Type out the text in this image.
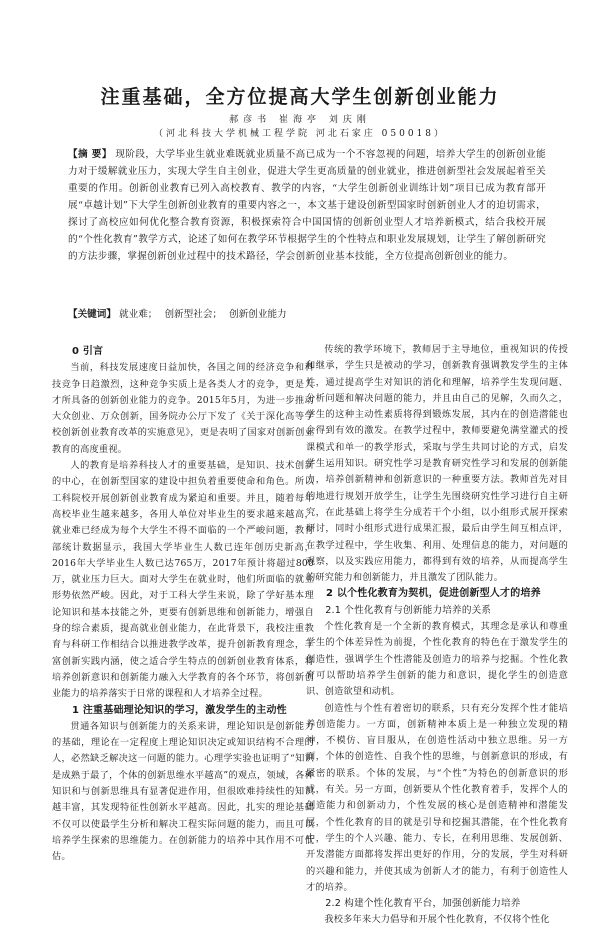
注重基础，全方位提高大学生创新创业能力
郝彦书 崔海亭 刘庆刚
（河北科技大学机械工程学院 河北石家庄 050018）
【摘 要】 现阶段，大学毕业生就业难既就业质量不高已成为一个不容忽视的问题，培养大学生的创新创业能力对于缓解就业压力，实现大学生自主创业，促进大学生更高质量的创业就业，推进创新型社会发展起着至关重要的作用。创新创业教育已列入高校教育、教学的内容，“大学生创新创业训练计划”项目已成为教育部开展“卓越计划”下大学生创新创业教育的重要内容之一，本文基于建设创新型国家时创新创业人才的迫切需求，探讨了高校应如何优化整合教育资源，积极探索符合中国国情的创新创业型人才培养新模式，结合我校开展的“个性化教育”教学方式，论述了如何在教学环节根据学生的个性特点和职业发展规划，让学生了解创新研究的方法步骤，掌握创新创业过程中的技术路径，学会创新创业基本技能，全方位提高创新创业的能力。
【关键词】 就业难； 创新型社会； 创新创业能力

0 引言

当前，科技发展速度日益加快，各国之间的经济竞争和科技竞争日趋激烈，这种竞争实质上是各类人才的竞争，更是人才所具备的创新创业能力的竞争。2015年5月，为进一步推动大众创业、万众创新，国务院办公厅下发了《关于深化高等学校创新创业教育改革的实施意见》，更是表明了国家对创新创业教育的高度重视。

人的教育是培养科技人才的重要基础，是知识、技术创新的中心，在创新型国家的建设中担负着重要使命和角色。所以工科院校开展创新创业教育成为紧迫和重要。并且，随着每年高校毕业生越来越多，各用人单位对毕业生的要求越来越高，就业难已经成为每个大学生不得不面临的一个严峻问题，教育部统计数据显示，我国大学毕业生人数已连年创历史新高，2016年大学毕业生人数已达765万，2017年预计将超过800万，就业压力巨大。面对大学生在就业时，他们所面临的就业形势依然严峻。因此，对于工科大学生来说，除了学好基本理论知识和基本技能之外，更要有创新思维和创新能力，增强自身的综合素质，提高就业创业能力，在此背景下，我校注重教育与科研工作相结合以推进教学改革，提升创新教育理念，丰富创新实践内涵，使之适合学生特点的创新创业教育体系，将培养创新意识和创新能力融入大学教育的各个环节，将创新创业能力的培养落实于日常的课程和人才培养全过程。

1 注重基础理论知识的学习，激发学生的主动性

贯通各知识与创新能力的关系来讲，理论知识是创新能力的基础，理论在一定程度上理论知识决定或知识结构不合理的人，必然缺乏解决这一问题的能力。心理学实验也证明了“知识是成熟于最了，个体的创新思维水平越高”的观点，领域，各种知识和与创新思维具有显著促进作用，但很欧难持续性的知识越丰富，其发现特征性创新水平越高。因此，扎实的理论基础不仅可以使最学生分析和解决工程实际问题的能力，而且可以培养学生探索的思维能力。在创新能力的培养中其作用不可低估。

传统的教学环境下，教师居于主导地位，重视知识的传授和继承，学生只是被动的学习，创新教育强调教发学生的主体性，通过提高学生对知识的消化和理解，培养学生发现问题、分析问题和解决问题的能力，并且由自己的见解，久而久之，学生的这种主动性素质将得到锻炼发展，其内在的创造潜能也会得到有效的激发。在教学过程中，教师要避免满堂灌式的授课模式和单一的教学形式，采取与学生共同讨论的方式，启发学生运用知识。研究性学习是教育研究性学习和发展的创新能力，培养创新精神和创新意识的一种重要方法。教师首先对目的地进行规划开放学生，让学生先围绕研究性学习进行自主研究，在此基础上将学生分成若干个小组，以小组形式展开探索研讨，同时小组形式进行成果汇报，最后由学生间互相点评，在教学过程中，学生收集、利用、处理信息的能力，对问题的观察，以及实践应用能力，都得到有效的培养，从而提高学生的研究能力和创新能力，并且激发了团队能力。

2 以个性化教育为契机，促进创新型人才的培养

2.1 个性化教育与创新能力培养的关系

个性化教育是一个全新的教育模式，其理念是承认和尊重学生的个体差异性为前提，个性化教育的特色在于激发学生的创造性，强调学生个性潜能及创造力的培养与挖掘。个性化教育可以帮助培养学生创新的能力和意识，提化学生的创造意识、创造欲望和动机。

创造性与个性有着密切的联系，只有充分发挥个性才能培养创造能力。一方面，创新精神本质上是一种独立发现的精神，不模仿、盲目服从，在创造性活动中独立思维。另一方面，个体的创造性、自我个性的思维，与创新意识的形成，有紧密的联系。个体的发展，与“个性”为特色的创新意识的形成，有关。另一方面，创新要从个性化教育着手，发挥个人的创造能力和创新动力，个性发展的核心是创造精神和潜能发展，个性化教育的目的就是引导和挖掘其潜能，在个性化教育中，学生的个人兴趣、能力、专长，在利用思维、发展创新、开发潜能方面都将发挥出更好的作用，分的发展，学生对科研的兴趣和能力，并使其成为创新人才的能力，有利于创造性人才的培养。

2.2 构建个性化教育平台，加强创新能力培养

我校多年来大力倡导和开展个性化教育，不仅将个性化
